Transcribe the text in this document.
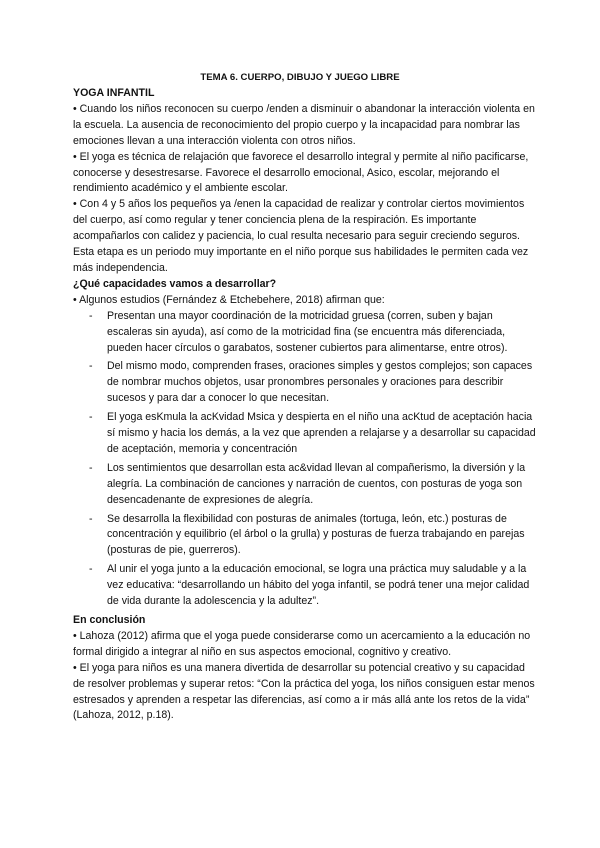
TEMA 6. CUERPO, DIBUJO Y JUEGO LIBRE

YOGA INFANTIL

• Cuando los niños reconocen su cuerpo /enden a disminuir o abandonar la interacción violenta en la escuela. La ausencia de reconocimiento del propio cuerpo y la incapacidad para nombrar las emociones llevan a una interacción violenta con otros niños.

• El yoga es técnica de relajación que favorece el desarrollo integral y permite al niño pacificarse, conocerse y desestresarse. Favorece el desarrollo emocional, Asico, escolar, mejorando el rendimiento académico y el ambiente escolar.

• Con 4 y 5 años los pequeños ya /enen la capacidad de realizar y controlar ciertos movimientos del cuerpo, así como regular y tener conciencia plena de la respiración. Es importante acompañarlos con calidez y paciencia, lo cual resulta necesario para seguir creciendo seguros. Esta etapa es un periodo muy importante en el niño porque sus habilidades le permiten cada vez más independencia.

¿Qué capacidades vamos a desarrollar?

• Algunos estudios (Fernández & Etchebehere, 2018) afirman que:

- Presentan una mayor coordinación de la motricidad gruesa (corren, suben y bajan escaleras sin ayuda), así como de la motricidad fina (se encuentra más diferenciada, pueden hacer círculos o garabatos, sostener cubiertos para alimentarse, entre otros).
- Del mismo modo, comprenden frases, oraciones simples y gestos complejos; son capaces de nombrar muchos objetos, usar pronombres personales y oraciones para describir sucesos y para dar a conocer lo que necesitan.
- El yoga esKmula la acKvidad Msica y despierta en el niño una acKtud de aceptación hacia sí mismo y hacia los demás, a la vez que aprenden a relajarse y a desarrollar su capacidad de aceptación, memoria y concentración
- Los sentimientos que desarrollan esta ac&vidad llevan al compañerismo, la diversión y la alegría. La combinación de canciones y narración de cuentos, con posturas de yoga son desencadenante de expresiones de alegría.
- Se desarrolla la flexibilidad con posturas de animales (tortuga, león, etc.) posturas de concentración y equilibrio (el árbol o la grulla) y posturas de fuerza trabajando en parejas (posturas de pie, guerreros).
- Al unir el yoga junto a la educación emocional, se logra una práctica muy saludable y a la vez educativa: “desarrollando un hábito del yoga infantil, se podrá tener una mejor calidad de vida durante la adolescencia y la adultez”.

En conclusión

• Lahoza (2012) afirma que el yoga puede considerarse como un acercamiento a la educación no formal dirigido a integrar al niño en sus aspectos emocional, cognitivo y creativo.

• El yoga para niños es una manera divertida de desarrollar su potencial creativo y su capacidad de resolver problemas y superar retos: “Con la práctica del yoga, los niños consiguen estar menos estresados y aprenden a respetar las diferencias, así como a ir más allá ante los retos de la vida” (Lahoza, 2012, p.18).
